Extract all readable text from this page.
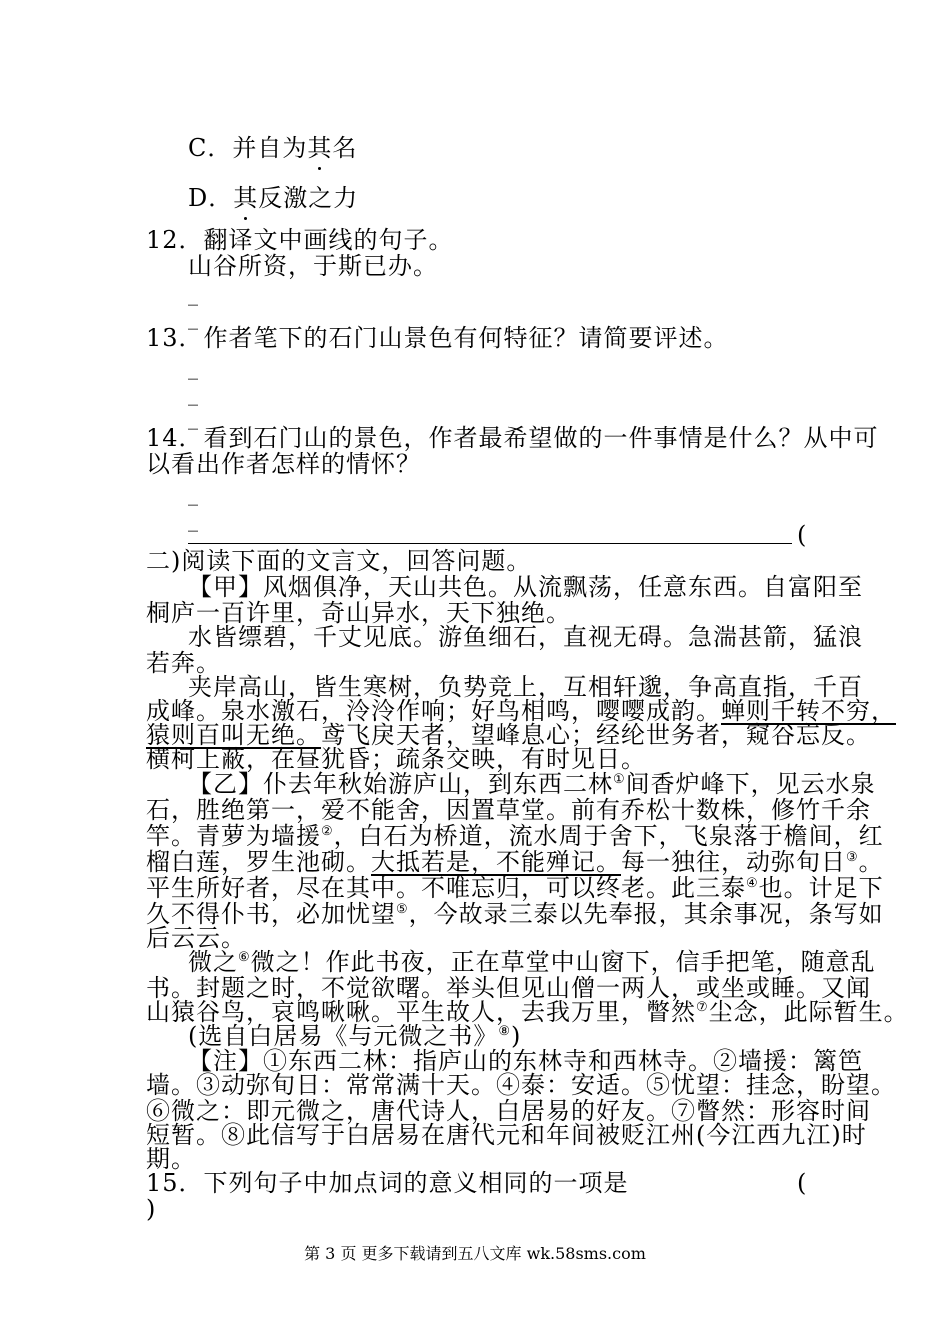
C．并自为其名
D．其反激之力
12．翻译文中画线的句子。
山谷所资，于斯已办。
_
_
13．作者笔下的石门山景色有何特征？请简要评述。
_
_
_
14．看到石门山的景色，作者最希望做的一件事情是什么？从中可
以看出作者怎样的情怀？
_
_
(
二)阅读下面的文言文，回答问题。
【甲】风烟俱净，天山共色。从流飘荡，任意东西。自富阳至
桐庐一百许里，奇山异水，天下独绝。
水皆缥碧，千丈见底。游鱼细石，直视无碍。急湍甚箭，猛浪
若奔。
夹岸高山，皆生寒树，负势竞上，互相轩邈，争高直指，千百
成峰。泉水激石，泠泠作响；好鸟相鸣，嘤嘤成韵。蝉则千转不穷，
猿则百叫无绝。鸢飞戾天者，望峰息心；经纶世务者，窥谷忘反。
横柯上蔽，在昼犹昏；疏条交映，有时见日。
【乙】仆去年秋始游庐山，到东西二林①间香炉峰下，见云水泉
石，胜绝第一，爱不能舍，因置草堂。前有乔松十数株，修竹千余
竿。青萝为墙援②，白石为桥道，流水周于舍下，飞泉落于檐间，红
榴白莲，罗生池砌。大抵若是，不能殚记。每一独往，动弥旬日③。
平生所好者，尽在其中。不唯忘归，可以终老。此三泰④也。计足下
久不得仆书，必加忧望⑤，今故录三泰以先奉报，其余事况，条写如
后云云。
微之⑥微之！作此书夜，正在草堂中山窗下，信手把笔，随意乱
书。封题之时，不觉欲曙。举头但见山僧一两人，或坐或睡。又闻
山猿谷鸟，哀鸣啾啾。平生故人，去我万里，瞥然⑦尘念，此际暂生。
(选自白居易《与元微之书》⑧)
【注】①东西二林：指庐山的东林寺和西林寺。②墙援：篱笆
墙。③动弥旬日：常常满十天。④泰：安适。⑤忧望：挂念，盼望。
⑥微之：即元微之，唐代诗人，白居易的好友。⑦瞥然：形容时间
短暂。⑧此信写于白居易在唐代元和年间被贬江州(今江西九江)时
期。
15．下列句子中加点词的意义相同的一项是	(
)
第 3 页 更多下载请到五八文库 wk.58sms.com
